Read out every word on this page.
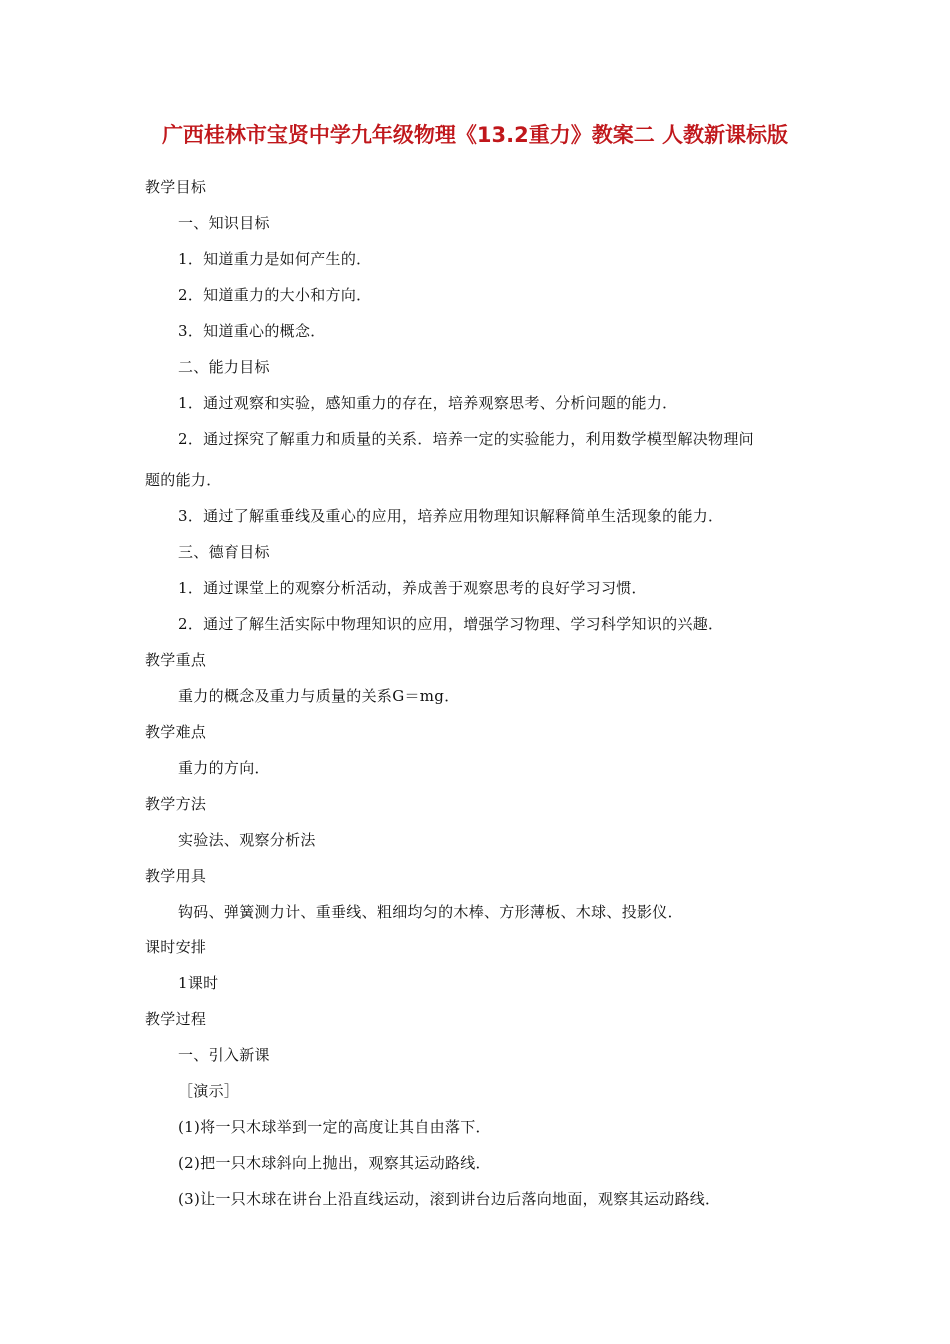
广西桂林市宝贤中学九年级物理《13.2重力》教案二 人教新课标版
教学目标
一、知识目标
1．知道重力是如何产生的．
2．知道重力的大小和方向．
3．知道重心的概念．
二、能力目标
1．通过观察和实验，感知重力的存在，培养观察思考、分析问题的能力．
2．通过探究了解重力和质量的关系．培养一定的实验能力，利用数学模型解决物理问
题的能力．
3．通过了解重垂线及重心的应用，培养应用物理知识解释简单生活现象的能力．
三、德育目标
1．通过课堂上的观察分析活动，养成善于观察思考的良好学习习惯．
2．通过了解生活实际中物理知识的应用，增强学习物理、学习科学知识的兴趣．
教学重点
重力的概念及重力与质量的关系G＝mg．
教学难点
重力的方向．
教学方法
实验法、观察分析法
教学用具
钩码、弹簧测力计、重垂线、粗细均匀的木棒、方形薄板、木球、投影仪．
课时安排
1课时
教学过程
一、引入新课
［演示］
(1)将一只木球举到一定的高度让其自由落下．
(2)把一只木球斜向上抛出，观察其运动路线．
(3)让一只木球在讲台上沿直线运动，滚到讲台边后落向地面，观察其运动路线．
